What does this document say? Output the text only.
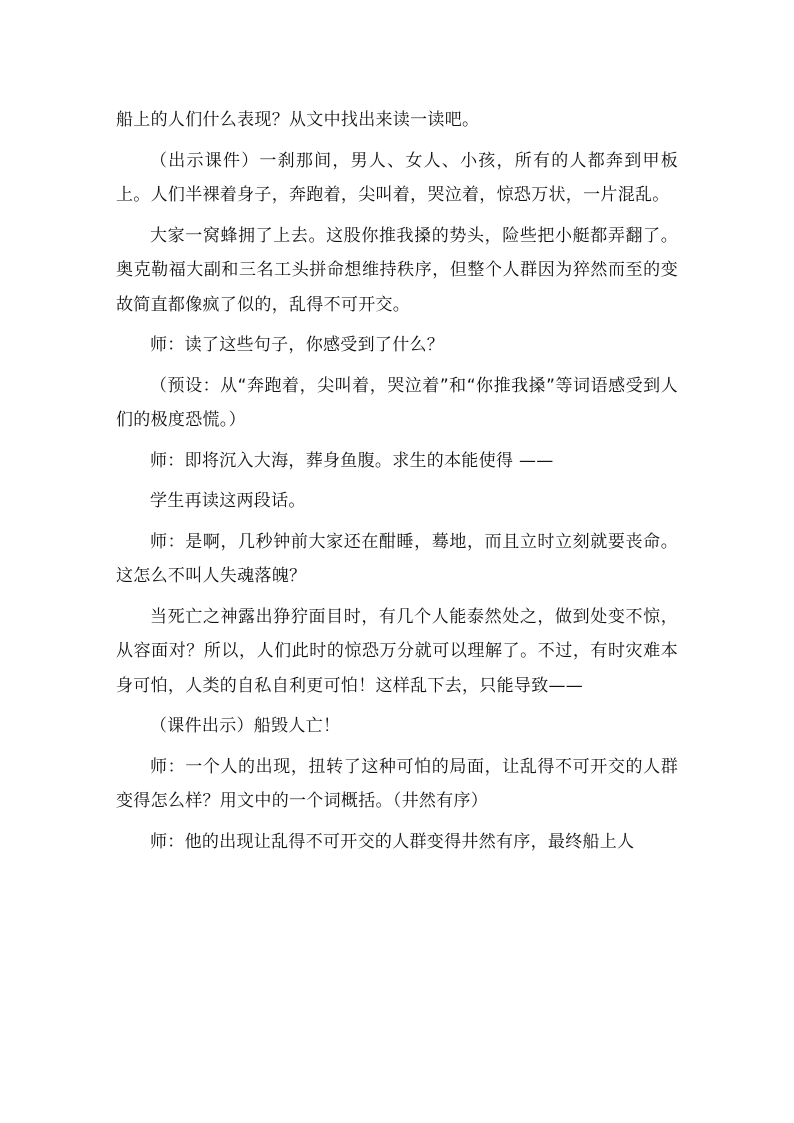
船上的人们什么表现？从文中找出来读一读吧。

（出示课件）一刹那间，男人、女人、小孩，所有的人都奔到甲板上。人们半裸着身子，奔跑着，尖叫着，哭泣着，惊恐万状，一片混乱。

大家一窝蜂拥了上去。这股你推我搡的势头，险些把小艇都弄翻了。奥克勒福大副和三名工头拼命想维持秩序，但整个人群因为猝然而至的变故简直都像疯了似的，乱得不可开交。

师：读了这些句子，你感受到了什么？

（预设：从“奔跑着，尖叫着，哭泣着”和“你推我搡”等词语感受到人们的极度恐慌。）

师：即将沉入大海，葬身鱼腹。求生的本能使得 ——

学生再读这两段话。

师：是啊，几秒钟前大家还在酣睡，蓦地，而且立时立刻就要丧命。这怎么不叫人失魂落魄？

当死亡之神露出狰狞面目时，有几个人能泰然处之，做到处变不惊，从容面对？所以，人们此时的惊恐万分就可以理解了。不过，有时灾难本身可怕，人类的自私自利更可怕！这样乱下去，只能导致——

（课件出示）船毁人亡！

师：一个人的出现，扭转了这种可怕的局面，让乱得不可开交的人群变得怎么样？用文中的一个词概括。（井然有序）

师：他的出现让乱得不可开交的人群变得井然有序，最终船上人
